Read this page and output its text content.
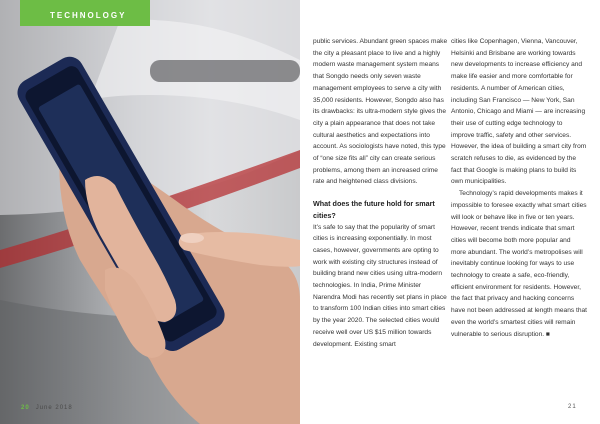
TECHNOLOGY
20 June 2018

public services. Abundant green spaces make the city a pleasant place to live and a highly modern waste management system means that Songdo needs only seven waste management employees to serve a city with 35,000 residents. However, Songdo also has its drawbacks: its ultra-modern style gives the city a plain appearance that does not take cultural aesthetics and expectations into account. As sociologists have noted, this type of “one size fits all” city can create serious problems, among them an increased crime rate and heightened class divisions.

What does the future hold for smart cities?

It’s safe to say that the popularity of smart cities is increasing exponentially. In most cases, however, governments are opting to work with existing city structures instead of building brand new cities using ultra-modern technologies. In India, Prime Minister Narendra Modi has recently set plans in place to transform 100 Indian cities into smart cities by the year 2020. The selected cities would receive well over US $15 million towards development. Existing smart

cities like Copenhagen, Vienna, Vancouver, Helsinki and Brisbane are working towards new developments to increase efficiency and make life easier and more comfortable for residents. A number of American cities, including San Francisco — New York, San Antonio, Chicago and Miami — are increasing their use of cutting edge technology to improve traffic, safety and other services. However, the idea of building a smart city from scratch refuses to die, as evidenced by the fact that Google is making plans to build its own municipalities.

Technology’s rapid developments makes it impossible to foresee exactly what smart cities will look or behave like in five or ten years. However, recent trends indicate that smart cities will become both more popular and more abundant. The world’s metropolises will inevitably continue looking for ways to use technology to create a safe, eco-friendly, efficient environment for residents. However, the fact that privacy and hacking concerns have not been addressed at length means that even the world’s smartest cities will remain vulnerable to serious disruption. ■

21
